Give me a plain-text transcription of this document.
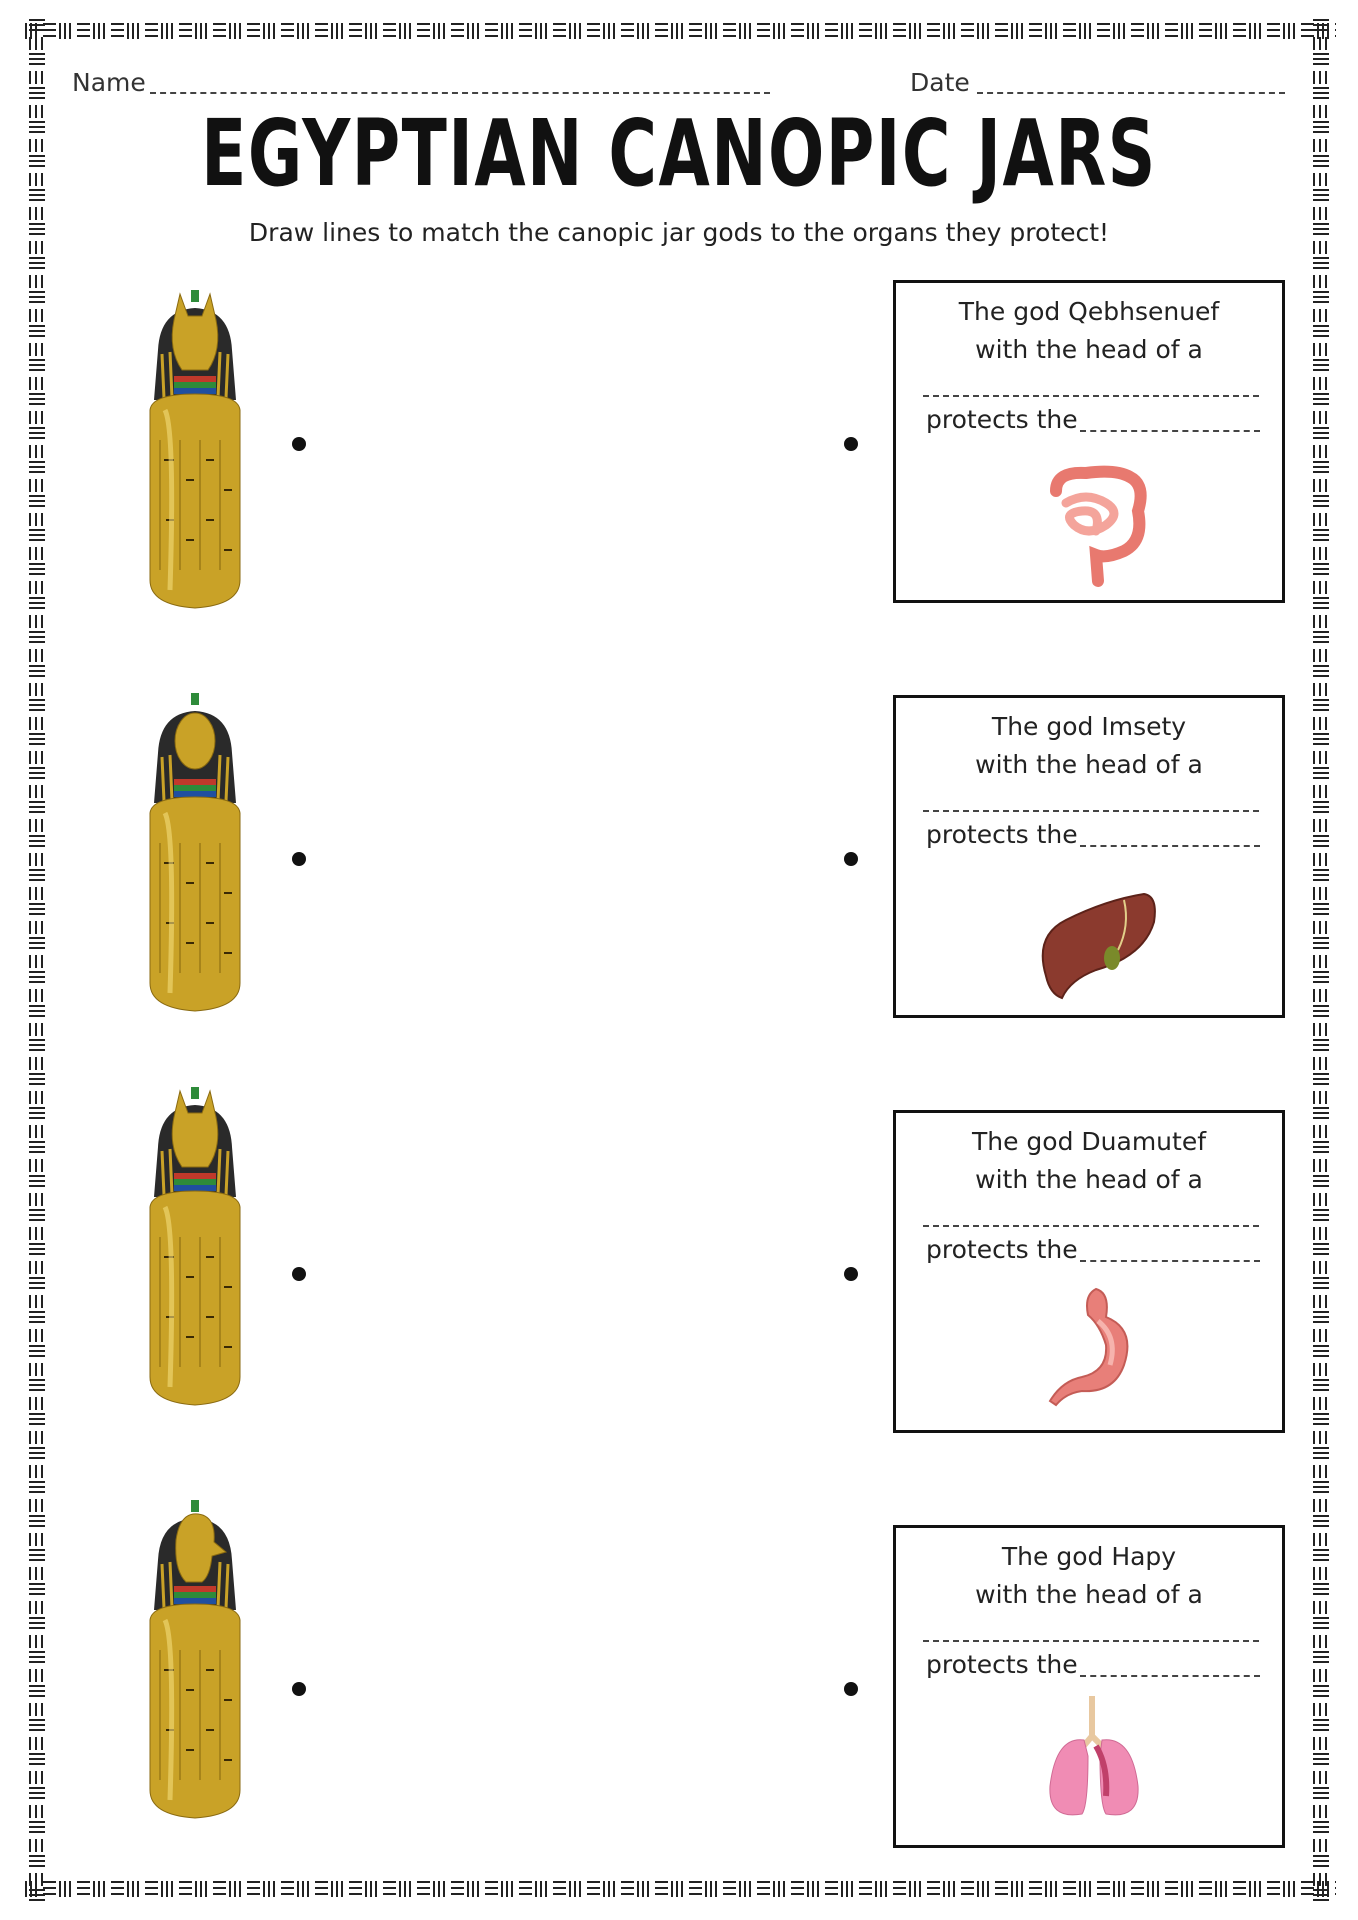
Name	Date
EGYPTIAN CANOPIC JARS
Draw lines to match the canopic jar gods to the organs they protect!
The god Qebhsenuef
with the head of a
protects the
The god Imsety
with the head of a
protects the
The god Duamutef
with the head of a
protects the
The god Hapy
with the head of a
protects the
